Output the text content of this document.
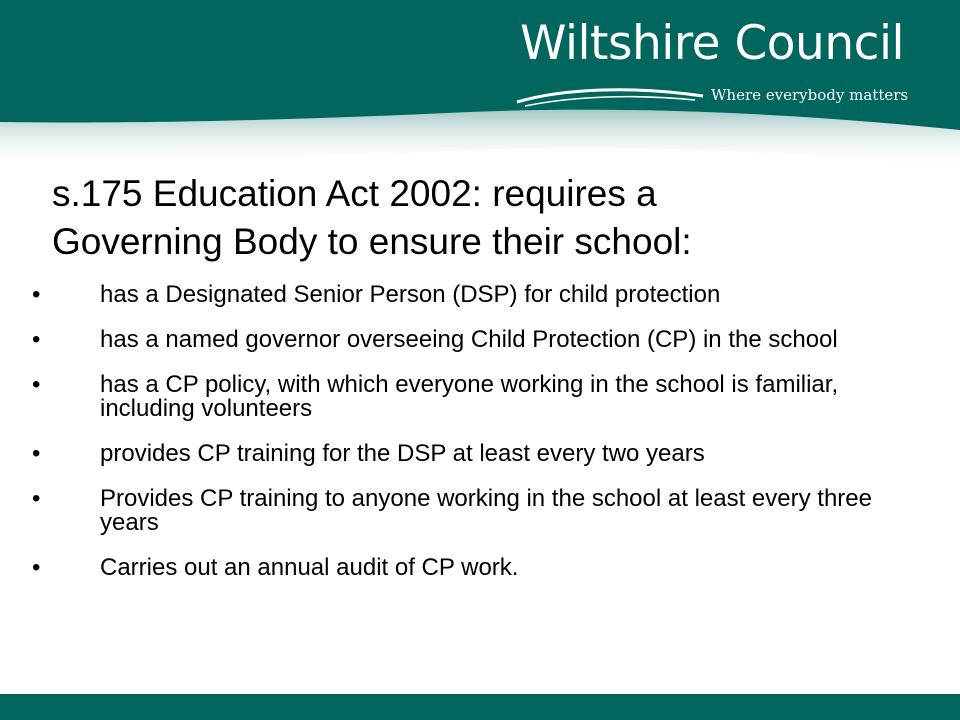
Wiltshire Council
Where everybody matters
s.175 Education Act 2002: requires a
Governing Body to ensure their school:
• has a Designated Senior Person (DSP) for child protection
• has a named governor overseeing Child Protection (CP) in the school
• has a CP policy, with which everyone working in the school is familiar, including volunteers
• provides CP training for the DSP at least every two years
• Provides CP training to anyone working in the school at least every three years
• Carries out an annual audit of CP work.
